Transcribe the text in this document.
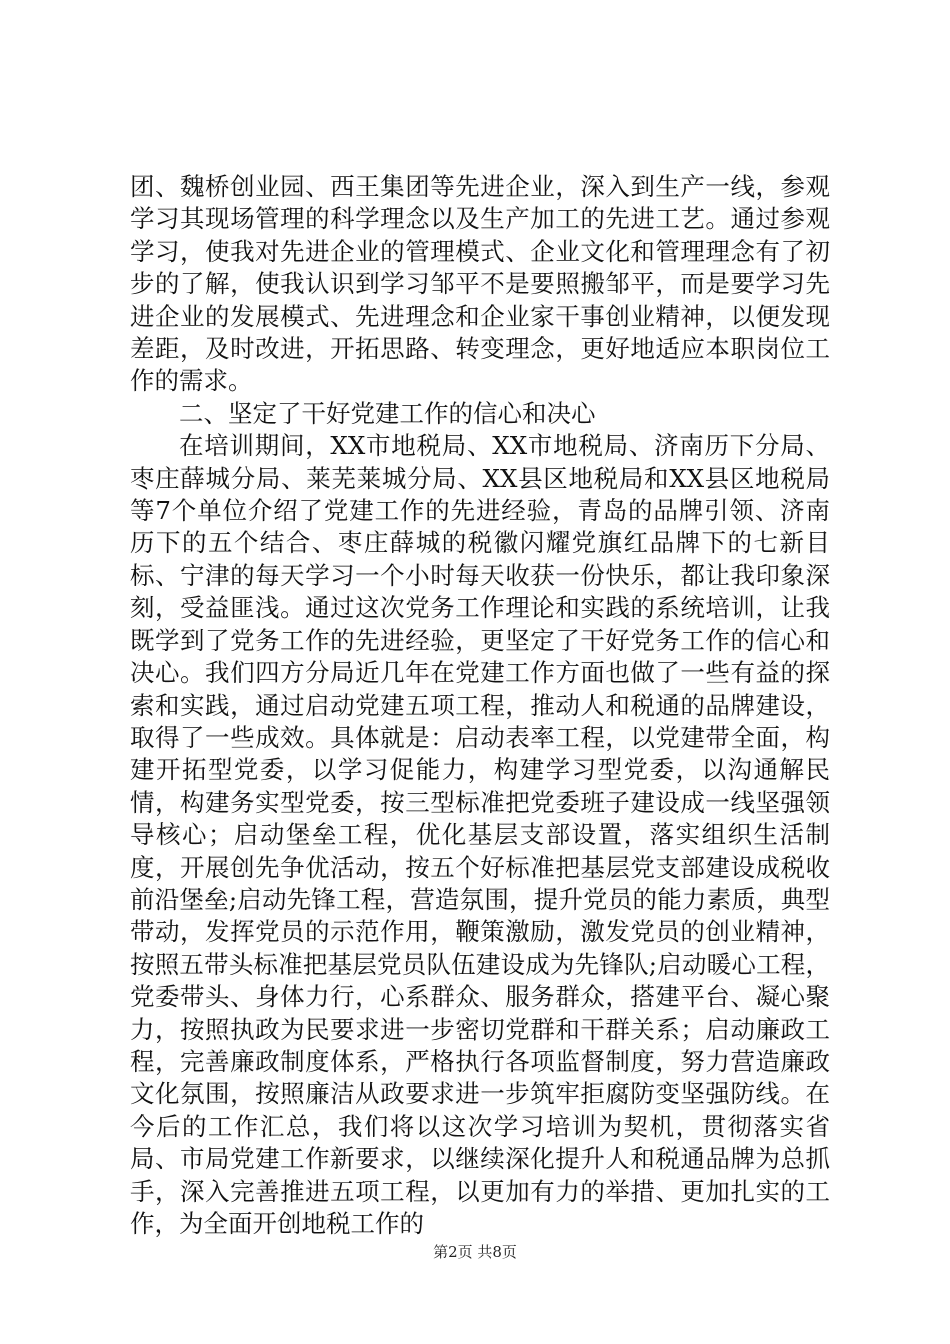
团、魏桥创业园、西王集团等先进企业，深入到生产一线，参观学习其现场管理的科学理念以及生产加工的先进工艺。通过参观学习，使我对先进企业的管理模式、企业文化和管理理念有了初步的了解，使我认识到学习邹平不是要照搬邹平，而是要学习先进企业的发展模式、先进理念和企业家干事创业精神，以便发现差距，及时改进，开拓思路、转变理念，更好地适应本职岗位工作的需求。

二、坚定了干好党建工作的信心和决心

在培训期间，XX市地税局、XX市地税局、济南历下分局、枣庄薛城分局、莱芜莱城分局、XX县区地税局和XX县区地税局等7个单位介绍了党建工作的先进经验，青岛的品牌引领、济南历下的五个结合、枣庄薛城的税徽闪耀党旗红品牌下的七新目标、宁津的每天学习一个小时每天收获一份快乐，都让我印象深刻，受益匪浅。通过这次党务工作理论和实践的系统培训，让我既学到了党务工作的先进经验，更坚定了干好党务工作的信心和决心。我们四方分局近几年在党建工作方面也做了一些有益的探索和实践，通过启动党建五项工程，推动人和税通的品牌建设，取得了一些成效。具体就是：启动表率工程，以党建带全面，构建开拓型党委，以学习促能力，构建学习型党委，以沟通解民情，构建务实型党委，按三型标准把党委班子建设成一线坚强领导核心；启动堡垒工程，优化基层支部设置，落实组织生活制度，开展创先争优活动，按五个好标准把基层党支部建设成税收前沿堡垒;启动先锋工程，营造氛围，提升党员的能力素质，典型带动，发挥党员的示范作用，鞭策激励，激发党员的创业精神，按照五带头标准把基层党员队伍建设成为先锋队;启动暖心工程，党委带头、身体力行，心系群众、服务群众，搭建平台、凝心聚力，按照执政为民要求进一步密切党群和干群关系；启动廉政工程，完善廉政制度体系，严格执行各项监督制度，努力营造廉政文化氛围，按照廉洁从政要求进一步筑牢拒腐防变坚强防线。在今后的工作汇总，我们将以这次学习培训为契机，贯彻落实省局、市局党建工作新要求，以继续深化提升人和税通品牌为总抓手，深入完善推进五项工程，以更加有力的举措、更加扎实的工作，为全面开创地税工作的

第2页 共8页
